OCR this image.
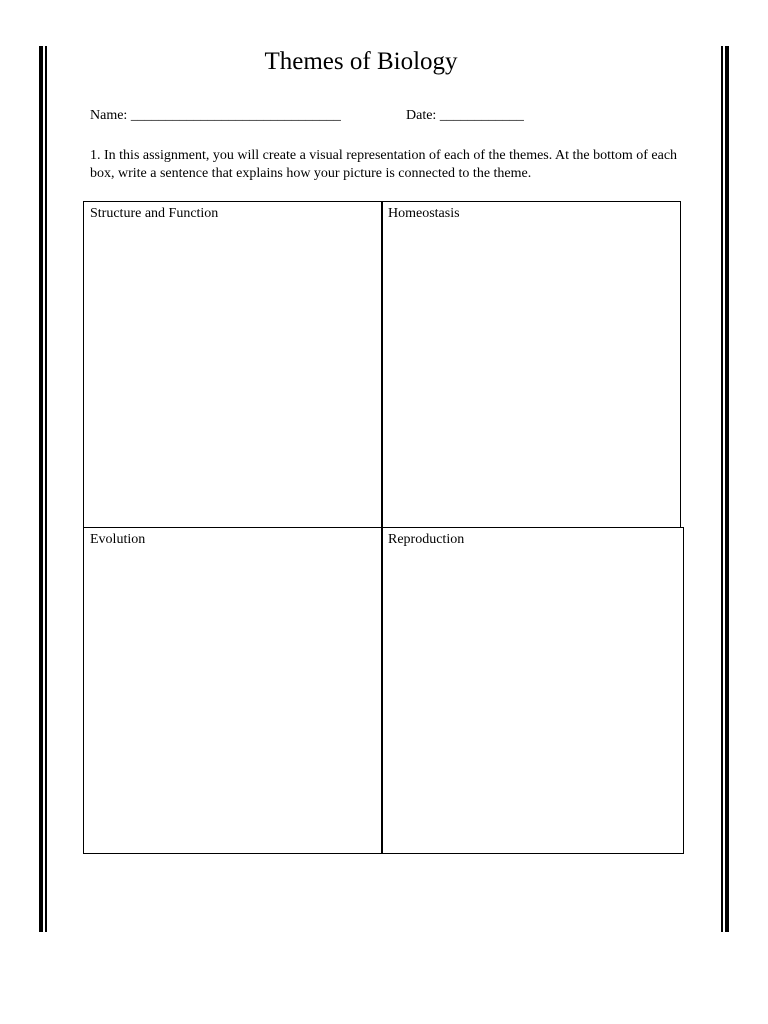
Themes of Biology
Name: ______________________________	Date: ____________
1. In this assignment, you will create a visual representation of each of the themes. At the bottom of each box, write a sentence that explains how your picture is connected to the theme.
Structure and Function	Homeostasis
Evolution	Reproduction
